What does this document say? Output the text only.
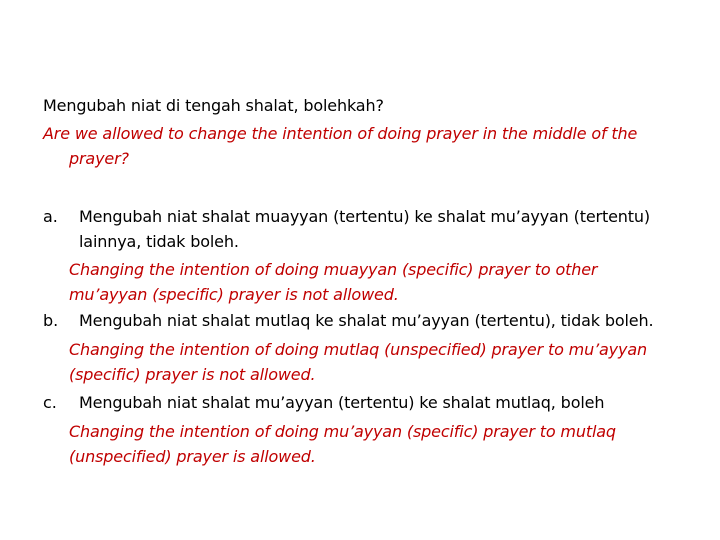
Mengubah niat di tengah shalat, bolehkah?
Are we allowed to change the intention of doing prayer in the middle of the
prayer?
a. Mengubah niat shalat muayyan (tertentu) ke shalat mu’ayyan (tertentu)
lainnya, tidak boleh.
Changing the intention of doing muayyan (specific) prayer to other
mu’ayyan (specific) prayer is not allowed.
b. Mengubah niat shalat mutlaq ke shalat mu’ayyan (tertentu), tidak boleh.
Changing the intention of doing mutlaq (unspecified) prayer to mu’ayyan
(specific) prayer is not allowed.
c. Mengubah niat shalat mu’ayyan (tertentu) ke shalat mutlaq, boleh
Changing the intention of doing mu’ayyan (specific) prayer to mutlaq
(unspecified) prayer is allowed.
